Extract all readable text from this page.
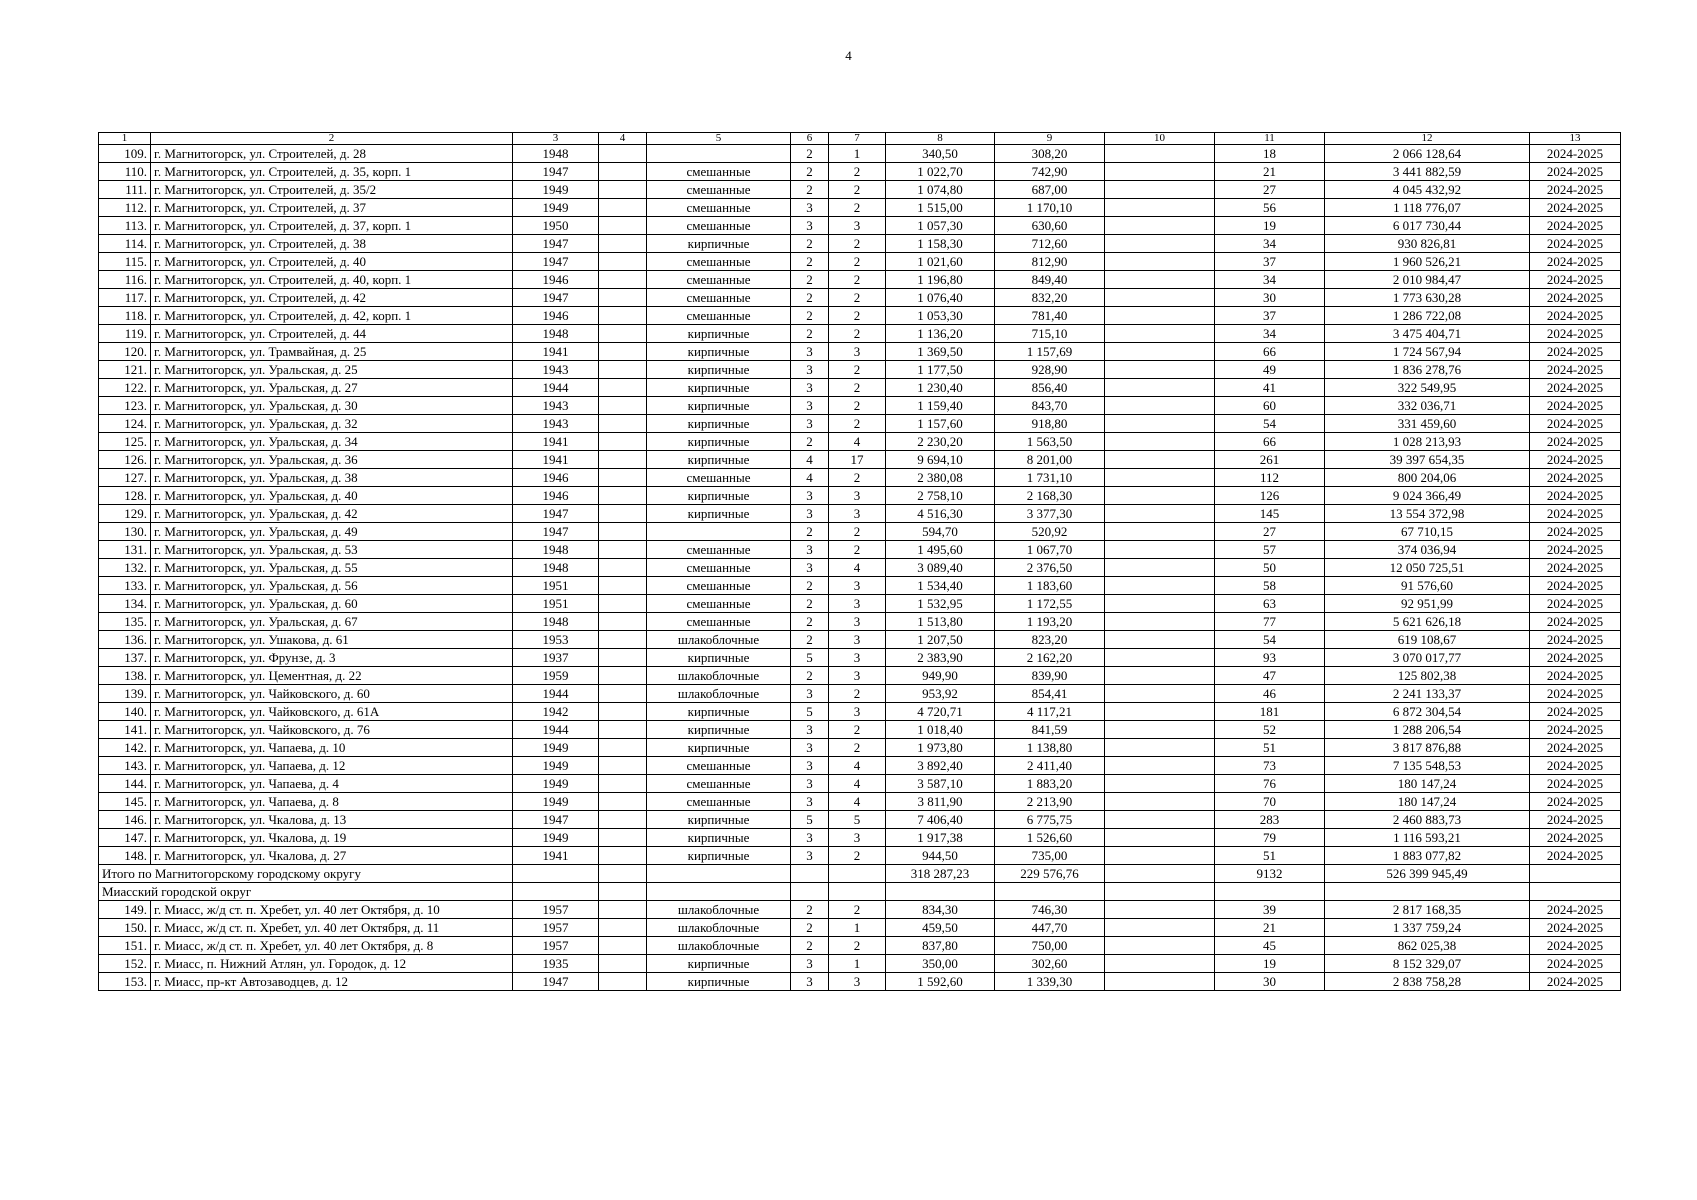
4
1	2	3	4	5	6	7	8	9	10	11	12	13
109.	г. Магнитогорск, ул. Строителей, д. 28	1948			2	1	340,50	308,20		18	2 066 128,64	2024-2025
110.	г. Магнитогорск, ул. Строителей, д. 35, корп. 1	1947		смешанные	2	2	1 022,70	742,90		21	3 441 882,59	2024-2025
111.	г. Магнитогорск, ул. Строителей, д. 35/2	1949		смешанные	2	2	1 074,80	687,00		27	4 045 432,92	2024-2025
112.	г. Магнитогорск, ул. Строителей, д. 37	1949		смешанные	3	2	1 515,00	1 170,10		56	1 118 776,07	2024-2025
113.	г. Магнитогорск, ул. Строителей, д. 37, корп. 1	1950		смешанные	3	3	1 057,30	630,60		19	6 017 730,44	2024-2025
114.	г. Магнитогорск, ул. Строителей, д. 38	1947		кирпичные	2	2	1 158,30	712,60		34	930 826,81	2024-2025
115.	г. Магнитогорск, ул. Строителей, д. 40	1947		смешанные	2	2	1 021,60	812,90		37	1 960 526,21	2024-2025
116.	г. Магнитогорск, ул. Строителей, д. 40, корп. 1	1946		смешанные	2	2	1 196,80	849,40		34	2 010 984,47	2024-2025
117.	г. Магнитогорск, ул. Строителей, д. 42	1947		смешанные	2	2	1 076,40	832,20		30	1 773 630,28	2024-2025
118.	г. Магнитогорск, ул. Строителей, д. 42, корп. 1	1946		смешанные	2	2	1 053,30	781,40		37	1 286 722,08	2024-2025
119.	г. Магнитогорск, ул. Строителей, д. 44	1948		кирпичные	2	2	1 136,20	715,10		34	3 475 404,71	2024-2025
120.	г. Магнитогорск, ул. Трамвайная, д. 25	1941		кирпичные	3	3	1 369,50	1 157,69		66	1 724 567,94	2024-2025
121.	г. Магнитогорск, ул. Уральская, д. 25	1943		кирпичные	3	2	1 177,50	928,90		49	1 836 278,76	2024-2025
122.	г. Магнитогорск, ул. Уральская, д. 27	1944		кирпичные	3	2	1 230,40	856,40		41	322 549,95	2024-2025
123.	г. Магнитогорск, ул. Уральская, д. 30	1943		кирпичные	3	2	1 159,40	843,70		60	332 036,71	2024-2025
124.	г. Магнитогорск, ул. Уральская, д. 32	1943		кирпичные	3	2	1 157,60	918,80		54	331 459,60	2024-2025
125.	г. Магнитогорск, ул. Уральская, д. 34	1941		кирпичные	2	4	2 230,20	1 563,50		66	1 028 213,93	2024-2025
126.	г. Магнитогорск, ул. Уральская, д. 36	1941		кирпичные	4	17	9 694,10	8 201,00		261	39 397 654,35	2024-2025
127.	г. Магнитогорск, ул. Уральская, д. 38	1946		смешанные	4	2	2 380,08	1 731,10		112	800 204,06	2024-2025
128.	г. Магнитогорск, ул. Уральская, д. 40	1946		кирпичные	3	3	2 758,10	2 168,30		126	9 024 366,49	2024-2025
129.	г. Магнитогорск, ул. Уральская, д. 42	1947		кирпичные	3	3	4 516,30	3 377,30		145	13 554 372,98	2024-2025
130.	г. Магнитогорск, ул. Уральская, д. 49	1947			2	2	594,70	520,92		27	67 710,15	2024-2025
131.	г. Магнитогорск, ул. Уральская, д. 53	1948		смешанные	3	2	1 495,60	1 067,70		57	374 036,94	2024-2025
132.	г. Магнитогорск, ул. Уральская, д. 55	1948		смешанные	3	4	3 089,40	2 376,50		50	12 050 725,51	2024-2025
133.	г. Магнитогорск, ул. Уральская, д. 56	1951		смешанные	2	3	1 534,40	1 183,60		58	91 576,60	2024-2025
134.	г. Магнитогорск, ул. Уральская, д. 60	1951		смешанные	2	3	1 532,95	1 172,55		63	92 951,99	2024-2025
135.	г. Магнитогорск, ул. Уральская, д. 67	1948		смешанные	2	3	1 513,80	1 193,20		77	5 621 626,18	2024-2025
136.	г. Магнитогорск, ул. Ушакова, д. 61	1953		шлакоблочные	2	3	1 207,50	823,20		54	619 108,67	2024-2025
137.	г. Магнитогорск, ул. Фрунзе, д. 3	1937		кирпичные	5	3	2 383,90	2 162,20		93	3 070 017,77	2024-2025
138.	г. Магнитогорск, ул. Цементная, д. 22	1959		шлакоблочные	2	3	949,90	839,90		47	125 802,38	2024-2025
139.	г. Магнитогорск, ул. Чайковского, д. 60	1944		шлакоблочные	3	2	953,92	854,41		46	2 241 133,37	2024-2025
140.	г. Магнитогорск, ул. Чайковского, д. 61А	1942		кирпичные	5	3	4 720,71	4 117,21		181	6 872 304,54	2024-2025
141.	г. Магнитогорск, ул. Чайковского, д. 76	1944		кирпичные	3	2	1 018,40	841,59		52	1 288 206,54	2024-2025
142.	г. Магнитогорск, ул. Чапаева, д. 10	1949		кирпичные	3	2	1 973,80	1 138,80		51	3 817 876,88	2024-2025
143.	г. Магнитогорск, ул. Чапаева, д. 12	1949		смешанные	3	4	3 892,40	2 411,40		73	7 135 548,53	2024-2025
144.	г. Магнитогорск, ул. Чапаева, д. 4	1949		смешанные	3	4	3 587,10	1 883,20		76	180 147,24	2024-2025
145.	г. Магнитогорск, ул. Чапаева, д. 8	1949		смешанные	3	4	3 811,90	2 213,90		70	180 147,24	2024-2025
146.	г. Магнитогорск, ул. Чкалова, д. 13	1947		кирпичные	5	5	7 406,40	6 775,75		283	2 460 883,73	2024-2025
147.	г. Магнитогорск, ул. Чкалова, д. 19	1949		кирпичные	3	3	1 917,38	1 526,60		79	1 116 593,21	2024-2025
148.	г. Магнитогорск, ул. Чкалова, д. 27	1941		кирпичные	3	2	944,50	735,00		51	1 883 077,82	2024-2025
Итого по Магнитогорскому городскому округу							318 287,23	229 576,76		9132	526 399 945,49	
Миасский городской округ												
149.	г. Миасс, ж/д ст. п. Хребет, ул. 40 лет Октября, д. 10	1957		шлакоблочные	2	2	834,30	746,30		39	2 817 168,35	2024-2025
150.	г. Миасс, ж/д ст. п. Хребет, ул. 40 лет Октября, д. 11	1957		шлакоблочные	2	1	459,50	447,70		21	1 337 759,24	2024-2025
151.	г. Миасс, ж/д ст. п. Хребет, ул. 40 лет Октября, д. 8	1957		шлакоблочные	2	2	837,80	750,00		45	862 025,38	2024-2025
152.	г. Миасс, п. Нижний Атлян, ул. Городок, д. 12	1935		кирпичные	3	1	350,00	302,60		19	8 152 329,07	2024-2025
153.	г. Миасс, пр-кт Автозаводцев, д. 12	1947		кирпичные	3	3	1 592,60	1 339,30		30	2 838 758,28	2024-2025
